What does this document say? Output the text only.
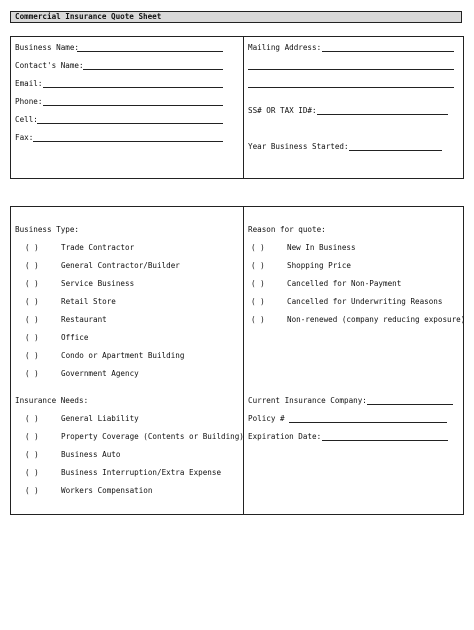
Commercial Insurance Quote Sheet
Business Name:
Contact's Name:
Email:
Phone:
Cell:
Fax:
Mailing Address:
SS# OR TAX ID#:
Year Business Started:
Business Type:
( )	Trade Contractor
( )	General Contractor/Builder
( )	Service Business
( )	Retail Store
( )	Restaurant
( )	Office
( )	Condo or Apartment Building
( )	Government Agency
Insurance Needs:
( )	General Liability
( )	Property Coverage (Contents or Building)
( )	Business Auto
( )	Business Interruption/Extra Expense
( )	Workers Compensation
Reason for quote:
( )	New In Business
( )	Shopping Price
( )	Cancelled for Non-Payment
( )	Cancelled for Underwriting Reasons
( )	Non-renewed (company reducing exposure)
Current Insurance Company:
Policy #
Expiration Date:
